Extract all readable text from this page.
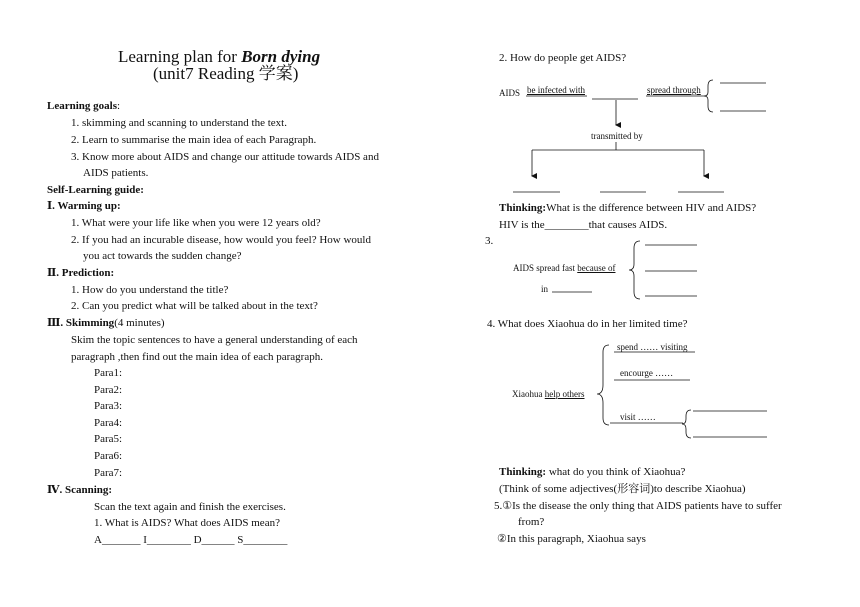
Learning plan for Born dying
(unit7 Reading 学案)
Learning goals:
1. skimming and scanning to understand the text.
2. Learn to summarise the main idea of each Paragraph.
3. Know more about AIDS and change our attitude towards AIDS and
AIDS patients.
Self-Learning guide:
Ⅰ. Warming up:
1. What were your life like when you were 12 years old?
2. If you had an incurable disease, how would you feel? How would
you act towards the sudden change?
Ⅱ. Prediction:
1. How do you understand the title?
2. Can you predict what will be talked about in the text?
Ⅲ. Skimming(4 minutes)
Skim the topic sentences to have a general understanding of each
paragraph ,then find out the main idea of each paragraph.
Para1:
Para2:
Para3:
Para4:
Para5:
Para6:
Para7:
Ⅳ. Scanning:
Scan the text again and finish the exercises.
1. What is AIDS? What does AIDS mean?
A_______ I________ D______ S________
2. How do people get AIDS?
AIDS be infected with	spread through
transmitted by
Thinking:What is the difference between HIV and AIDS?
HIV is the________that causes AIDS.
3.
AIDS spread fast because of
in
4. What does Xiaohua do in her limited time?
spend …… visiting
encourge ……
Xiaohua help others
visit ……
Thinking: what do you think of Xiaohua?
(Think of some adjectives(形容词)to describe Xiaohua)
5.①Is the disease the only thing that AIDS patients have to suffer
from?
②In this paragraph, Xiaohua says
